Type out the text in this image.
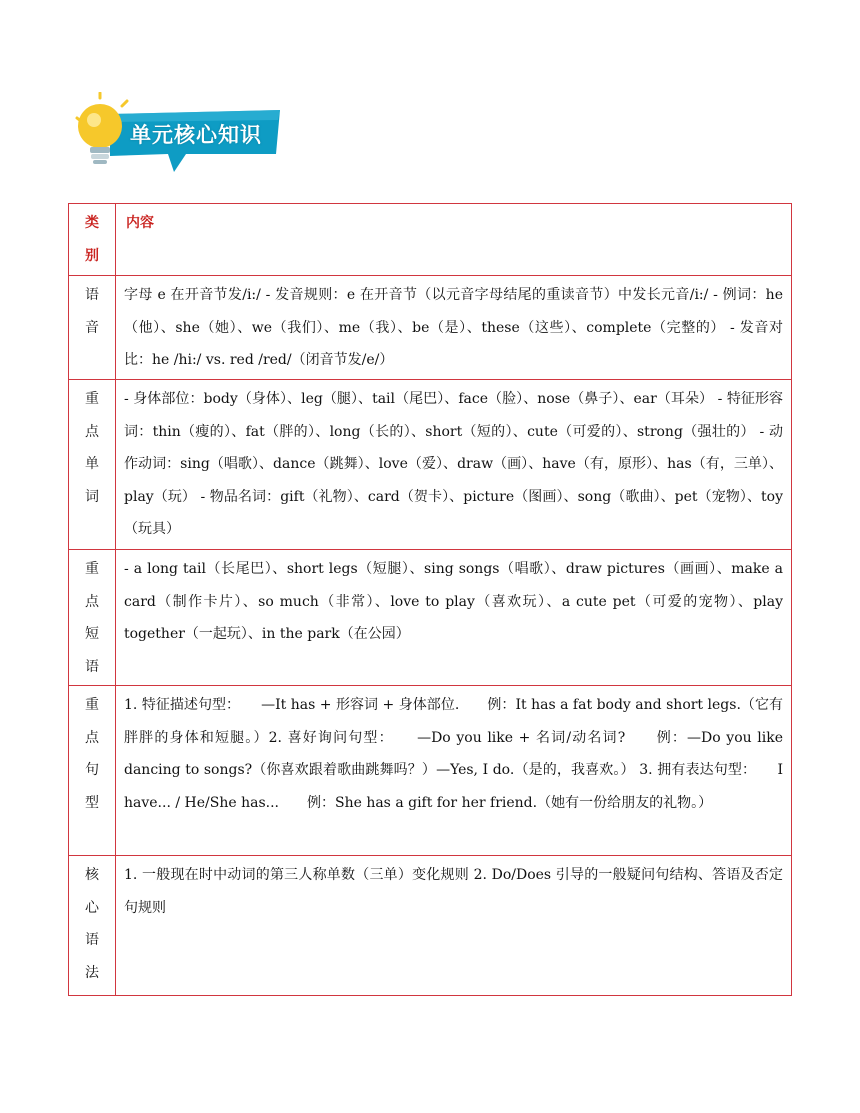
单元核心知识
类别	内容

语音	字母 e 在开音节发/i:/ - 发音规则：e 在开音节（以元音字母结尾的重读音节）中发长元音/i:/ - 例词：he（他）、she（她）、we（我们）、me（我）、be（是）、these（这些）、complete（完整的） - 发音对比：he /hi:/ vs. red /red/（闭音节发/e/）

重点单词	- 身体部位：body（身体）、leg（腿）、tail（尾巴）、face（脸）、nose（鼻子）、ear（耳朵） - 特征形容词：thin（瘦的）、fat（胖的）、long（长的）、short（短的）、cute（可爱的）、strong（强壮的） - 动作动词：sing（唱歌）、dance（跳舞）、love（爱）、draw（画）、have（有，原形）、has（有，三单）、play（玩） - 物品名词：gift（礼物）、card（贺卡）、picture（图画）、song（歌曲）、pet（宠物）、toy（玩具）

重点短语	- a long tail（长尾巴）、short legs（短腿）、sing songs（唱歌）、draw pictures（画画）、make a card（制作卡片）、so much（非常）、love to play（喜欢玩）、a cute pet（可爱的宠物）、play together（一起玩）、in the park（在公园）

重点句型	1. 特征描述句型：　　—It has + 形容词 + 身体部位.　　例：It has a fat body and short legs.（它有胖胖的身体和短腿。）2. 喜好询问句型：　　—Do you like + 名词/动名词?　　例：—Do you like dancing to songs?（你喜欢跟着歌曲跳舞吗？）—Yes, I do.（是的，我喜欢。） 3. 拥有表达句型：　　I have... / He/She has...　　例：She has a gift for her friend.（她有一份给朋友的礼物。）

核心语法	1. 一般现在时中动词的第三人称单数（三单）变化规则 2. Do/Does 引导的一般疑问句结构、答语及否定句规则
